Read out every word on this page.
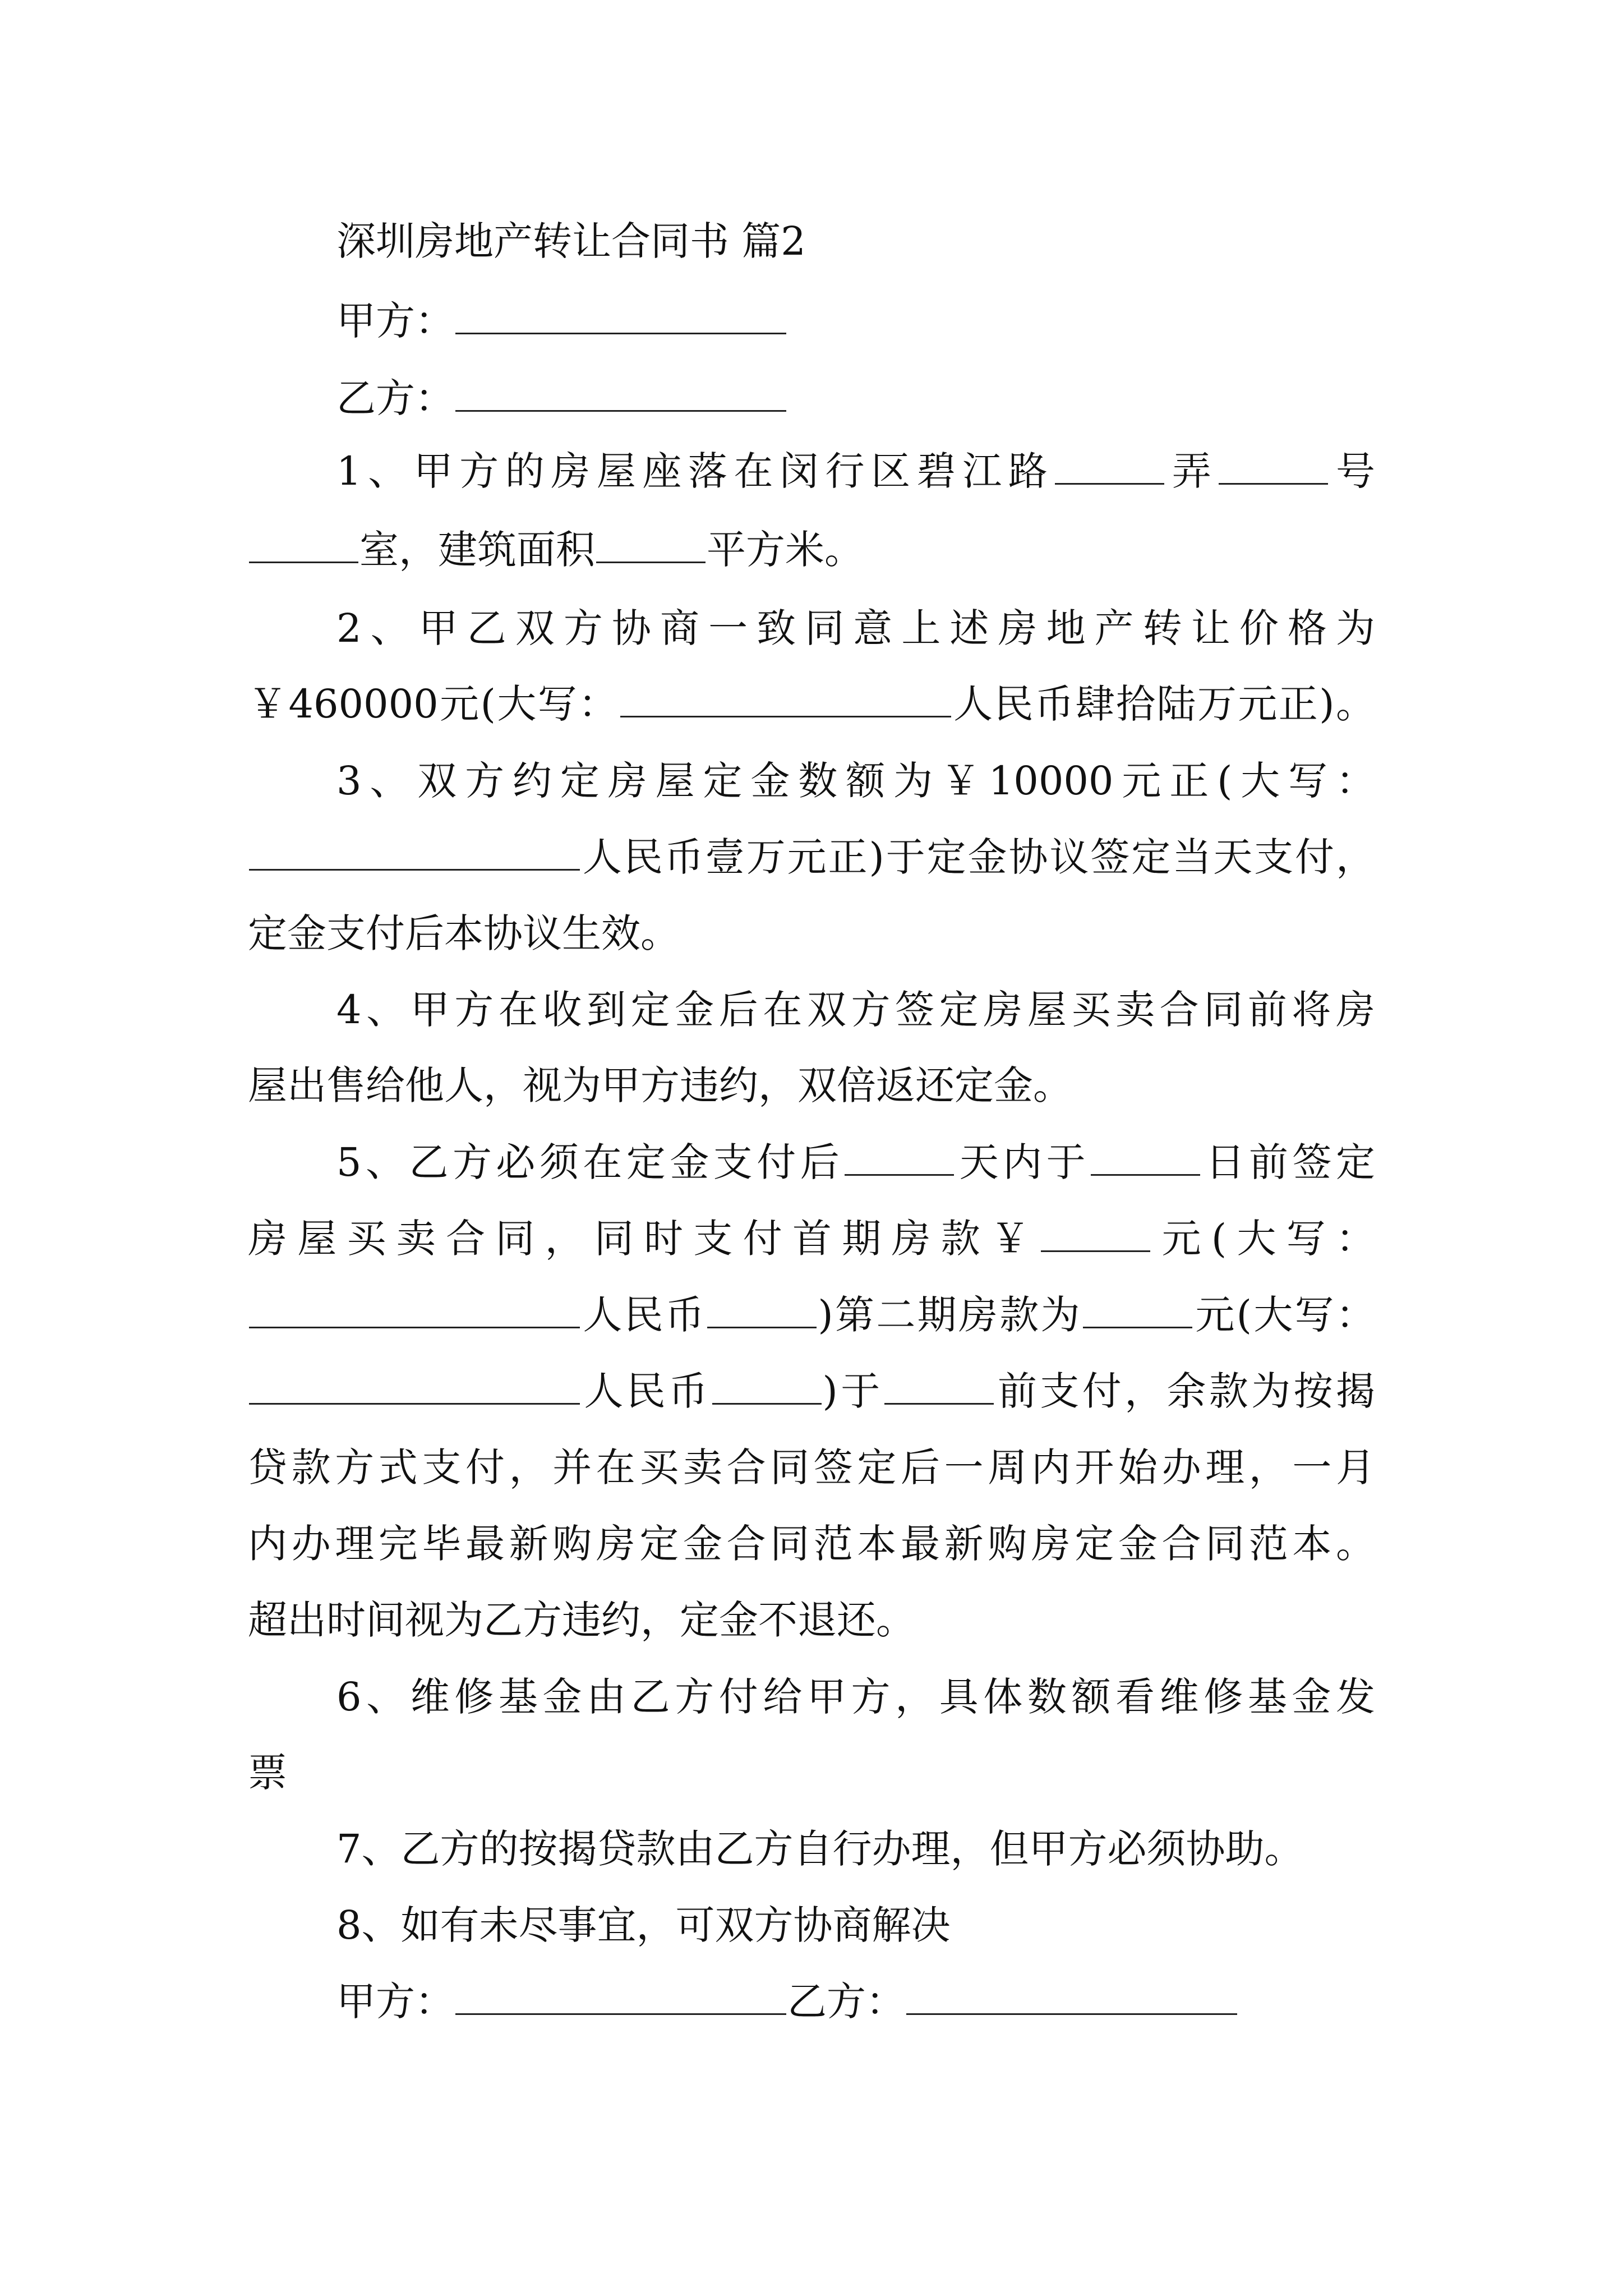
深圳房地产转让合同书 篇2

甲方：

乙方：

1、甲方的房屋座落在闵行区碧江路	弄	号

室，建筑面积	平方米。

2、甲乙双方协商一致同意上述房地产转让价格为

￥460000元(大写：	人民币肆拾陆万元正)。

3、双方约定房屋定金数额为￥10000元正(大写：

人民币壹万元正)于定金协议签定当天支付，

定金支付后本协议生效。

4、甲方在收到定金后在双方签定房屋买卖合同前将房

屋出售给他人，视为甲方违约，双倍返还定金。

5、乙方必须在定金支付后	天内于	日前签定

房屋买卖合同，同时支付首期房款￥	元(大写：

人民币	)第二期房款为	元(大写：

人民币	)于	前支付，余款为按揭

贷款方式支付，并在买卖合同签定后一周内开始办理，一月

内办理完毕最新购房定金合同范本最新购房定金合同范本。

超出时间视为乙方违约，定金不退还。

6、维修基金由乙方付给甲方，具体数额看维修基金发

票

7、乙方的按揭贷款由乙方自行办理，但甲方必须协助。

8、如有未尽事宜，可双方协商解决

甲方：	乙方：
